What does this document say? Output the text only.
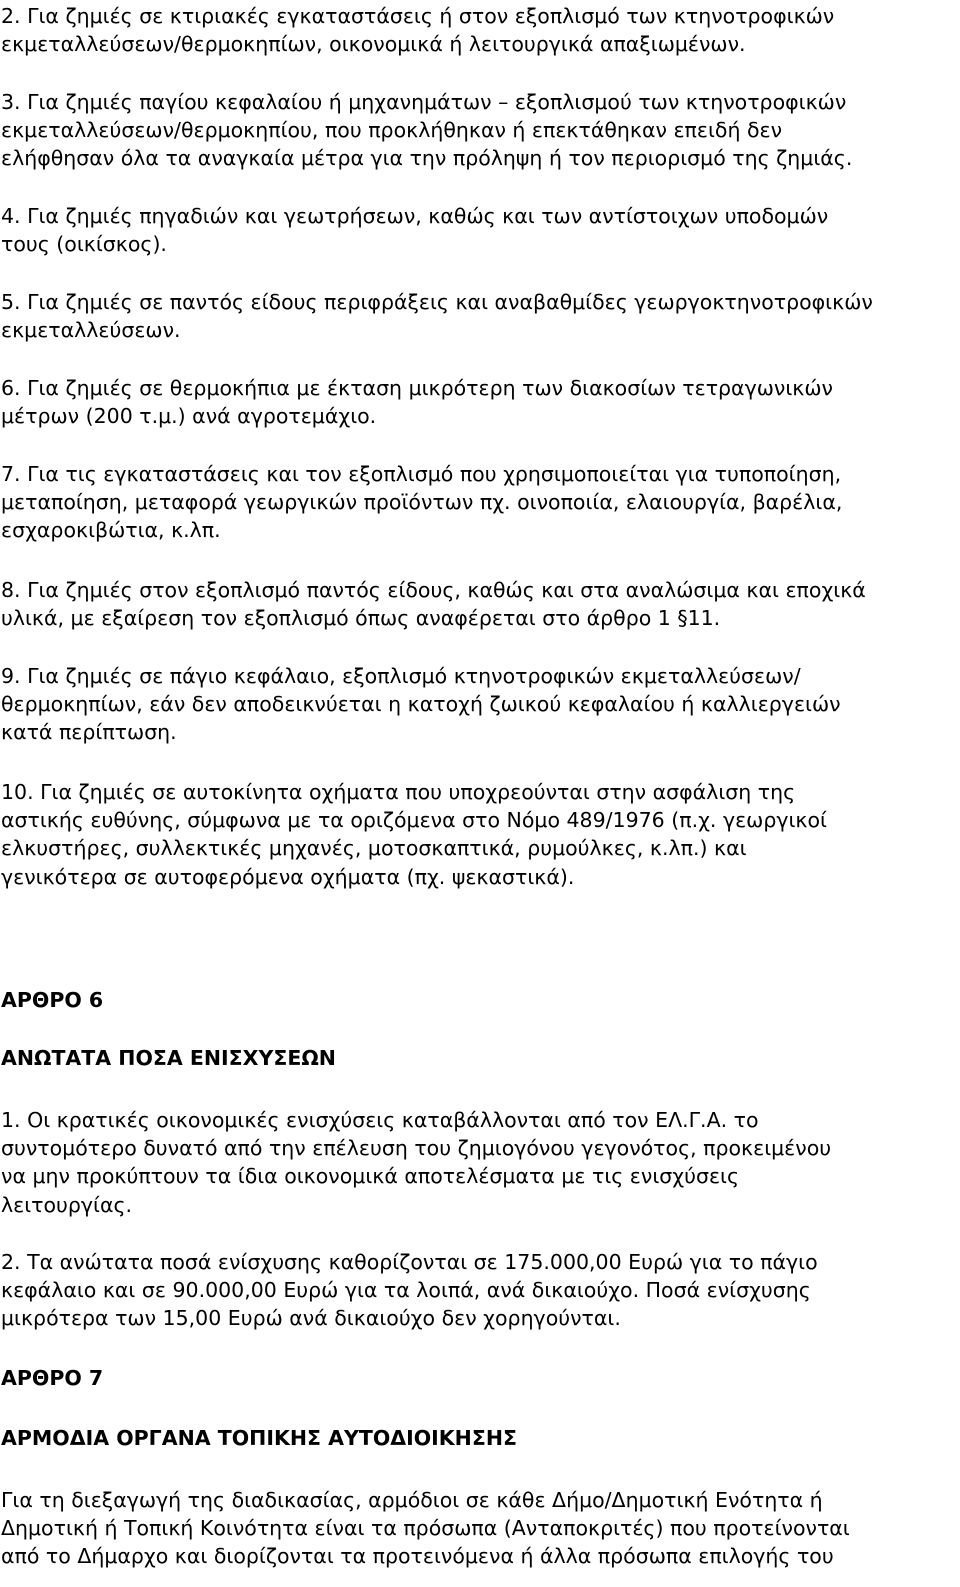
2. Για ζημιές σε κτιριακές εγκαταστάσεις ή στον εξοπλισμό των κτηνοτροφικών
εκμεταλλεύσεων/θερμοκηπίων, οικονομικά ή λειτουργικά απαξιωμένων.

3. Για ζημιές παγίου κεφαλαίου ή μηχανημάτων – εξοπλισμού των κτηνοτροφικών
εκμεταλλεύσεων/θερμοκηπίου, που προκλήθηκαν ή επεκτάθηκαν επειδή δεν
ελήφθησαν όλα τα αναγκαία μέτρα για την πρόληψη ή τον περιορισμό της ζημιάς.

4. Για ζημιές πηγαδιών και γεωτρήσεων, καθώς και των αντίστοιχων υποδομών
τους (οικίσκος).

5. Για ζημιές σε παντός είδους περιφράξεις και αναβαθμίδες γεωργοκτηνοτροφικών
εκμεταλλεύσεων.

6. Για ζημιές σε θερμοκήπια με έκταση μικρότερη των διακοσίων τετραγωνικών
μέτρων (200 τ.μ.) ανά αγροτεμάχιο.

7. Για τις εγκαταστάσεις και τον εξοπλισμό που χρησιμοποιείται για τυποποίηση,
μεταποίηση, μεταφορά γεωργικών προϊόντων πχ. οινοποιία, ελαιουργία, βαρέλια,
εσχαροκιβώτια, κ.λπ.

8. Για ζημιές στον εξοπλισμό παντός είδους, καθώς και στα αναλώσιμα και εποχικά
υλικά, με εξαίρεση τον εξοπλισμό όπως αναφέρεται στο άρθρο 1 §11.

9. Για ζημιές σε πάγιο κεφάλαιο, εξοπλισμό κτηνοτροφικών εκμεταλλεύσεων/
θερμοκηπίων, εάν δεν αποδεικνύεται η κατοχή ζωικού κεφαλαίου ή καλλιεργειών
κατά περίπτωση.

10. Για ζημιές σε αυτοκίνητα οχήματα που υποχρεούνται στην ασφάλιση της
αστικής ευθύνης, σύμφωνα με τα οριζόμενα στο Νόμο 489/1976 (π.χ. γεωργικοί
ελκυστήρες, συλλεκτικές μηχανές, μοτοσκαπτικά, ρυμούλκες, κ.λπ.) και
γενικότερα σε αυτοφερόμενα οχήματα (πχ. ψεκαστικά).

ΑΡΘΡΟ 6
ΑΝΩΤΑΤΑ ΠΟΣΑ ΕΝΙΣΧΥΣΕΩΝ

1. Οι κρατικές οικονομικές ενισχύσεις καταβάλλονται από τον ΕΛ.Γ.Α. το
συντομότερο δυνατό από την επέλευση του ζημιογόνου γεγονότος, προκειμένου
να μην προκύπτουν τα ίδια οικονομικά αποτελέσματα με τις ενισχύσεις
λειτουργίας.

2. Τα ανώτατα ποσά ενίσχυσης καθορίζονται σε 175.000,00 Ευρώ για το πάγιο
κεφάλαιο και σε 90.000,00 Ευρώ για τα λοιπά, ανά δικαιούχο. Ποσά ενίσχυσης
μικρότερα των 15,00 Ευρώ ανά δικαιούχο δεν χορηγούνται.

ΑΡΘΡΟ 7
ΑΡΜΟΔΙΑ ΟΡΓΑΝΑ ΤΟΠΙΚΗΣ ΑΥΤΟΔΙΟΙΚΗΣΗΣ

Για τη διεξαγωγή της διαδικασίας, αρμόδιοι σε κάθε Δήμο/Δημοτική Ενότητα ή
Δημοτική ή Τοπική Κοινότητα είναι τα πρόσωπα (Ανταποκριτές) που προτείνονται
από το Δήμαρχο και διορίζονται τα προτεινόμενα ή άλλα πρόσωπα επιλογής του
